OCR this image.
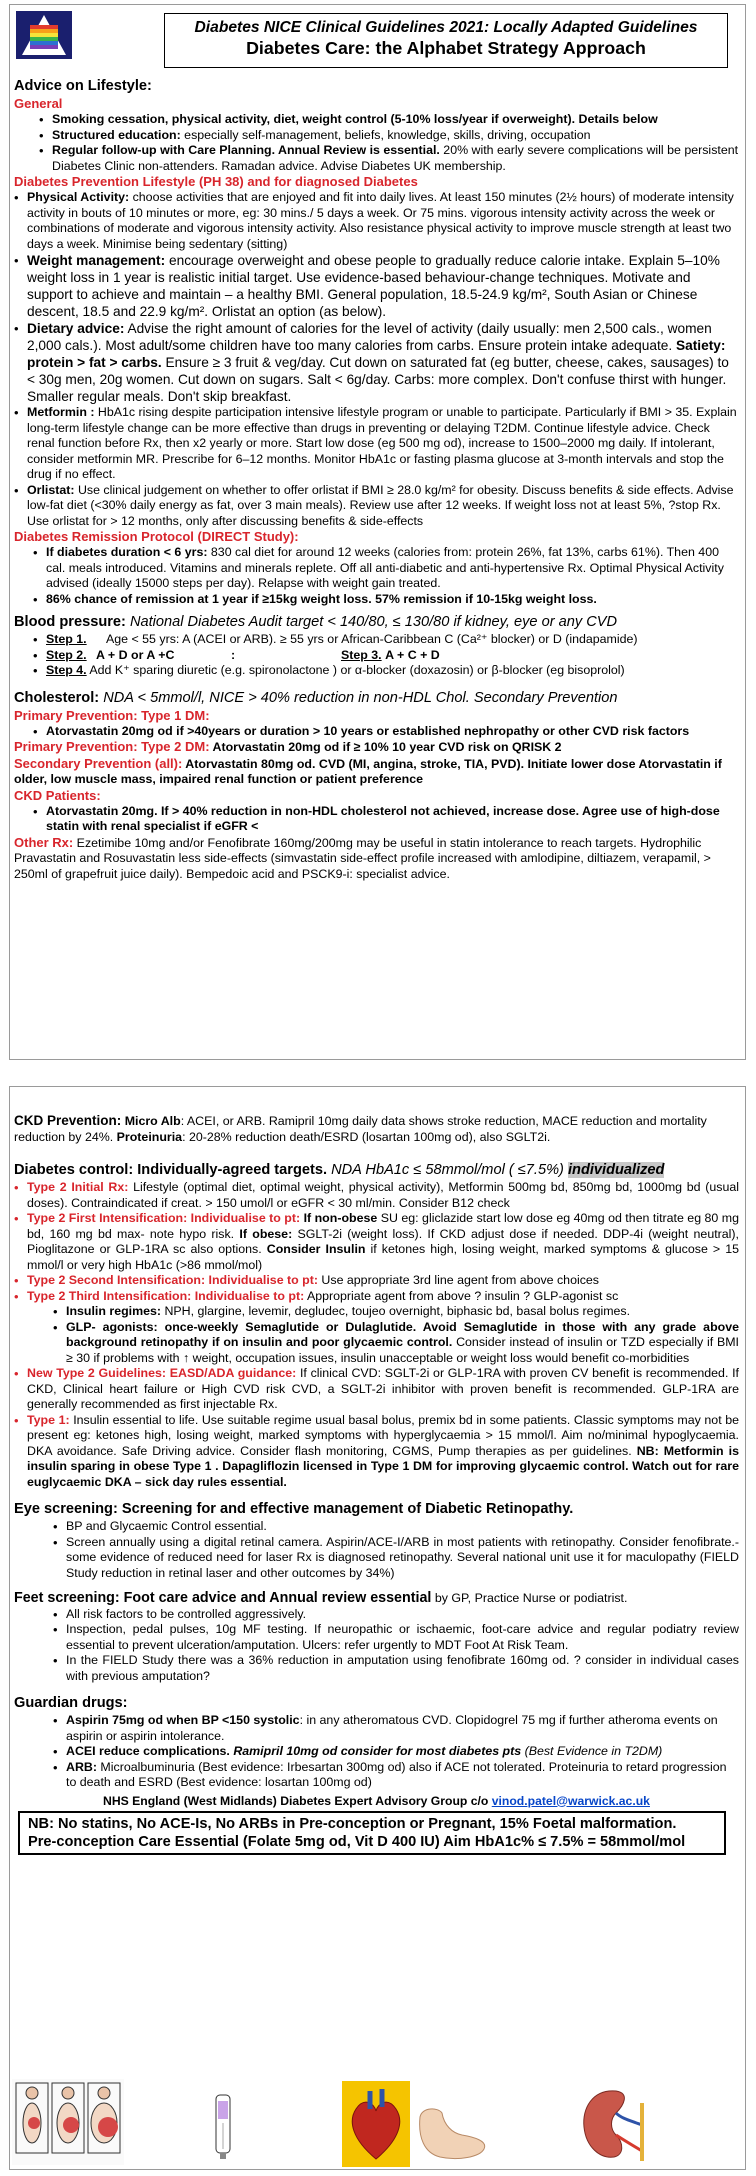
Diabetes NICE Clinical Guidelines 2021: Locally Adapted Guidelines
Diabetes Care: the Alphabet Strategy Approach

Advice on Lifestyle:

General

• Smoking cessation, physical activity, diet, weight control (5-10% loss/year if overweight). Details below
• Structured education: especially self-management, beliefs, knowledge, skills, driving, occupation
• Regular follow-up with Care Planning. Annual Review is essential. 20% with early severe complications will be persistent Diabetes Clinic non-attenders. Ramadan advice. Advise Diabetes UK membership.

Diabetes Prevention Lifestyle (PH 38) and for diagnosed Diabetes

• Physical Activity: choose activities that are enjoyed and fit into daily lives. At least 150 minutes (2½ hours) of moderate intensity activity in bouts of 10 minutes or more, eg: 30 mins./ 5 days a week. Or 75 mins. vigorous intensity activity across the week or combinations of moderate and vigorous intensity activity. Also resistance physical activity to improve muscle strength at least two days a week. Minimise being sedentary (sitting)
• Weight management: encourage overweight and obese people to gradually reduce calorie intake. Explain 5–10% weight loss in 1 year is realistic initial target. Use evidence-based behaviour-change techniques. Motivate and support to achieve and maintain – a healthy BMI. General population, 18.5-24.9 kg/m², South Asian or Chinese descent, 18.5 and 22.9 kg/m². Orlistat an option (as below).
• Dietary advice: Advise the right amount of calories for the level of activity (daily usually: men 2,500 cals., women 2,000 cals.). Most adult/some children have too many calories from carbs. Ensure protein intake adequate. Satiety: protein > fat > carbs. Ensure ≥ 3 fruit & veg/day. Cut down on saturated fat (eg butter, cheese, cakes, sausages) to < 30g men, 20g women. Cut down on sugars. Salt < 6g/day. Carbs: more complex. Don't confuse thirst with hunger. Smaller regular meals. Don't skip breakfast.
• Metformin : HbA1c rising despite participation intensive lifestyle program or unable to participate. Particularly if BMI > 35. Explain long-term lifestyle change can be more effective than drugs in preventing or delaying T2DM. Continue lifestyle advice. Check renal function before Rx, then x2 yearly or more. Start low dose (eg 500 mg od), increase to 1500–2000 mg daily. If intolerant, consider metformin MR. Prescribe for 6–12 months. Monitor HbA1c or fasting plasma glucose at 3-month intervals and stop the drug if no effect.
• Orlistat: Use clinical judgement on whether to offer orlistat if BMI ≥ 28.0 kg/m² for obesity. Discuss benefits & side effects. Advise low-fat diet (<30% daily energy as fat, over 3 main meals). Review use after 12 weeks. If weight loss not at least 5%, ?stop Rx. Use orlistat for > 12 months, only after discussing benefits & side-effects

Diabetes Remission Protocol (DIRECT Study):

• If diabetes duration < 6 yrs: 830 cal diet for around 12 weeks (calories from: protein 26%, fat 13%, carbs 61%). Then 400 cal. meals introduced. Vitamins and minerals replete. Off all anti-diabetic and anti-hypertensive Rx. Optimal Physical Activity advised (ideally 15000 steps per day). Relapse with weight gain treated.
• 86% chance of remission at 1 year if ≥15kg weight loss. 57% remission if 10-15kg weight loss.

Blood pressure: National Diabetes Audit target < 140/80, ≤ 130/80 if kidney, eye or any CVD

• Step 1. Age < 55 yrs: A (ACEI or ARB). ≥ 55 yrs or African-Caribbean C (Ca²⁺ blocker) or D (indapamide)
• Step 2. A + D or A +C	:	Step 3. A + C + D
• Step 4. Add K⁺ sparing diuretic (e.g. spironolactone ) or α-blocker (doxazosin) or β-blocker (eg bisoprolol)

Cholesterol: NDA < 5mmol/l, NICE > 40% reduction in non-HDL Chol. Secondary Prevention

Primary Prevention: Type 1 DM:

• Atorvastatin 20mg od if >40years or duration > 10 years or established nephropathy or other CVD risk factors

Primary Prevention: Type 2 DM: Atorvastatin 20mg od if ≥ 10% 10 year CVD risk on QRISK 2

Secondary Prevention (all): Atorvastatin 80mg od. CVD (MI, angina, stroke, TIA, PVD). Initiate lower dose Atorvastatin if older, low muscle mass, impaired renal function or patient preference

CKD Patients:

• Atorvastatin 20mg. If > 40% reduction in non-HDL cholesterol not achieved, increase dose. Agree use of high-dose statin with renal specialist if eGFR <

Other Rx: Ezetimibe 10mg and/or Fenofibrate 160mg/200mg may be useful in statin intolerance to reach targets. Hydrophilic Pravastatin and Rosuvastatin less side-effects (simvastatin side-effect profile increased with amlodipine, diltiazem, verapamil, > 250ml of grapefruit juice daily). Bempedoic acid and PSCK9-i: specialist advice.

CKD Prevention: Micro Alb: ACEI, or ARB. Ramipril 10mg daily data shows stroke reduction, MACE reduction and mortality reduction by 24%. Proteinuria: 20-28% reduction death/ESRD (losartan 100mg od), also SGLT2i.

Diabetes control: Individually-agreed targets. NDA HbA1c ≤ 58mmol/mol ( ≤7.5%) individualized

• Type 2 Initial Rx: Lifestyle (optimal diet, optimal weight, physical activity), Metformin 500mg bd, 850mg bd, 1000mg bd (usual doses). Contraindicated if creat. > 150 umol/l or eGFR < 30 ml/min. Consider B12 check
• Type 2 First Intensification: Individualise to pt: If non-obese SU eg: gliclazide start low dose eg 40mg od then titrate eg 80 mg bd, 160 mg bd max- note hypo risk. If obese: SGLT-2i (weight loss). If CKD adjust dose if needed. DDP-4i (weight neutral), Pioglitazone or GLP-1RA sc also options. Consider Insulin if ketones high, losing weight, marked symptoms & glucose > 15 mmol/l or very high HbA1c (>86 mmol/mol)
• Type 2 Second Intensification: Individualise to pt: Use appropriate 3rd line agent from above choices
• Type 2 Third Intensification: Individualise to pt: Appropriate agent from above ? insulin ? GLP-agonist sc
• Insulin regimes: NPH, glargine, levemir, degludec, toujeo overnight, biphasic bd, basal bolus regimes.
• GLP- agonists: once-weekly Semaglutide or Dulaglutide. Avoid Semaglutide in those with any grade above background retinopathy if on insulin and poor glycaemic control. Consider instead of insulin or TZD especially if BMI ≥ 30 if problems with ↑ weight, occupation issues, insulin unacceptable or weight loss would benefit co-morbidities
• New Type 2 Guidelines: EASD/ADA guidance: If clinical CVD: SGLT-2i or GLP-1RA with proven CV benefit is recommended. If CKD, Clinical heart failure or High CVD risk CVD, a SGLT-2i inhibitor with proven benefit is recommended. GLP-1RA are generally recommended as first injectable Rx.
• Type 1: Insulin essential to life. Use suitable regime usual basal bolus, premix bd in some patients. Classic symptoms may not be present eg: ketones high, losing weight, marked symptoms with hyperglycaemia > 15 mmol/l. Aim no/minimal hypoglycaemia. DKA avoidance. Safe Driving advice. Consider flash monitoring, CGMS, Pump therapies as per guidelines. NB: Metformin is insulin sparing in obese Type 1 . Dapagliflozin licensed in Type 1 DM for improving glycaemic control. Watch out for rare euglycaemic DKA – sick day rules essential.

Eye screening: Screening for and effective management of Diabetic Retinopathy.

• BP and Glycaemic Control essential.
• Screen annually using a digital retinal camera. Aspirin/ACE-I/ARB in most patients with retinopathy. Consider fenofibrate.- some evidence of reduced need for laser Rx is diagnosed retinopathy. Several national unit use it for maculopathy (FIELD Study reduction in retinal laser and other outcomes by 34%)

Feet screening: Foot care advice and Annual review essential by GP, Practice Nurse or podiatrist.

• All risk factors to be controlled aggressively.
• Inspection, pedal pulses, 10g MF testing. If neuropathic or ischaemic, foot-care advice and regular podiatry review essential to prevent ulceration/amputation. Ulcers: refer urgently to MDT Foot At Risk Team.
• In the FIELD Study there was a 36% reduction in amputation using fenofibrate 160mg od. ? consider in individual cases with previous amputation?

Guardian drugs:

• Aspirin 75mg od when BP <150 systolic: in any atheromatous CVD. Clopidogrel 75 mg if further atheroma events on aspirin or aspirin intolerance.
• ACEI reduce complications. Ramipril 10mg od consider for most diabetes pts (Best Evidence in T2DM)
• ARB: Microalbuminuria (Best evidence: Irbesartan 300mg od) also if ACE not tolerated. Proteinuria to retard progression to death and ESRD (Best evidence: losartan 100mg od)

NHS England (West Midlands) Diabetes Expert Advisory Group c/o vinod.patel@warwick.ac.uk

NB: No statins, No ACE-Is, No ARBs in Pre-conception or Pregnant, 15% Foetal malformation.
Pre-conception Care Essential (Folate 5mg od, Vit D 400 IU) Aim HbA1c% ≤ 7.5% = 58mmol/mol
